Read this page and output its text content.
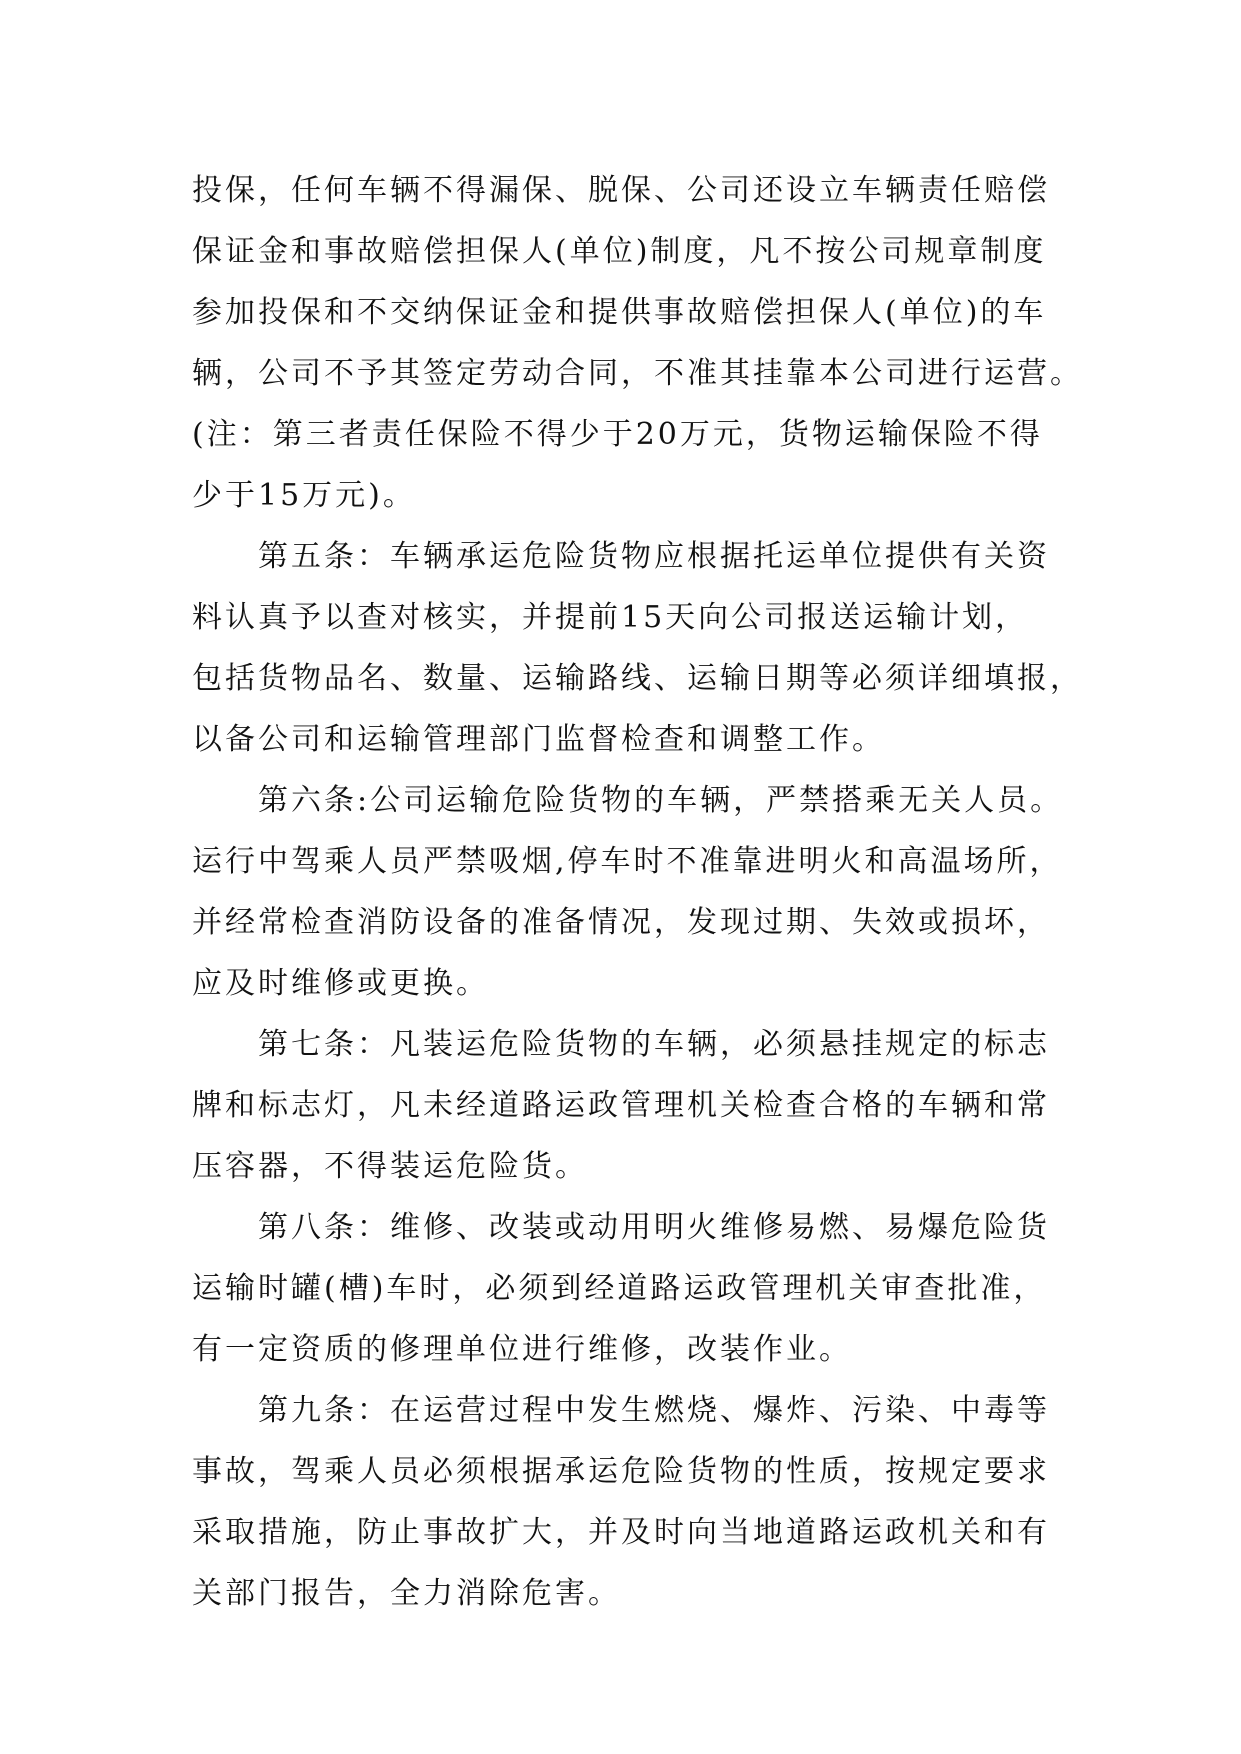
投保，任何车辆不得漏保、脱保、公司还设立车辆责任赔偿
保证金和事故赔偿担保人(单位)制度，凡不按公司规章制度
参加投保和不交纳保证金和提供事故赔偿担保人(单位)的车
辆，公司不予其签定劳动合同，不准其挂靠本公司进行运营。
(注：第三者责任保险不得少于20万元，货物运输保险不得
少于15万元)。
第五条：车辆承运危险货物应根据托运单位提供有关资
料认真予以查对核实，并提前15天向公司报送运输计划，
包括货物品名、数量、运输路线、运输日期等必须详细填报，
以备公司和运输管理部门监督检查和调整工作。
第六条:公司运输危险货物的车辆，严禁搭乘无关人员。
运行中驾乘人员严禁吸烟,停车时不准靠进明火和高温场所，
并经常检查消防设备的准备情况，发现过期、失效或损坏，
应及时维修或更换。
第七条：凡装运危险货物的车辆，必须悬挂规定的标志
牌和标志灯，凡未经道路运政管理机关检查合格的车辆和常
压容器，不得装运危险货。
第八条：维修、改装或动用明火维修易燃、易爆危险货
运输时罐(槽)车时，必须到经道路运政管理机关审查批准，
有一定资质的修理单位进行维修，改装作业。
第九条：在运营过程中发生燃烧、爆炸、污染、中毒等
事故，驾乘人员必须根据承运危险货物的性质，按规定要求
采取措施，防止事故扩大，并及时向当地道路运政机关和有
关部门报告，全力消除危害。
